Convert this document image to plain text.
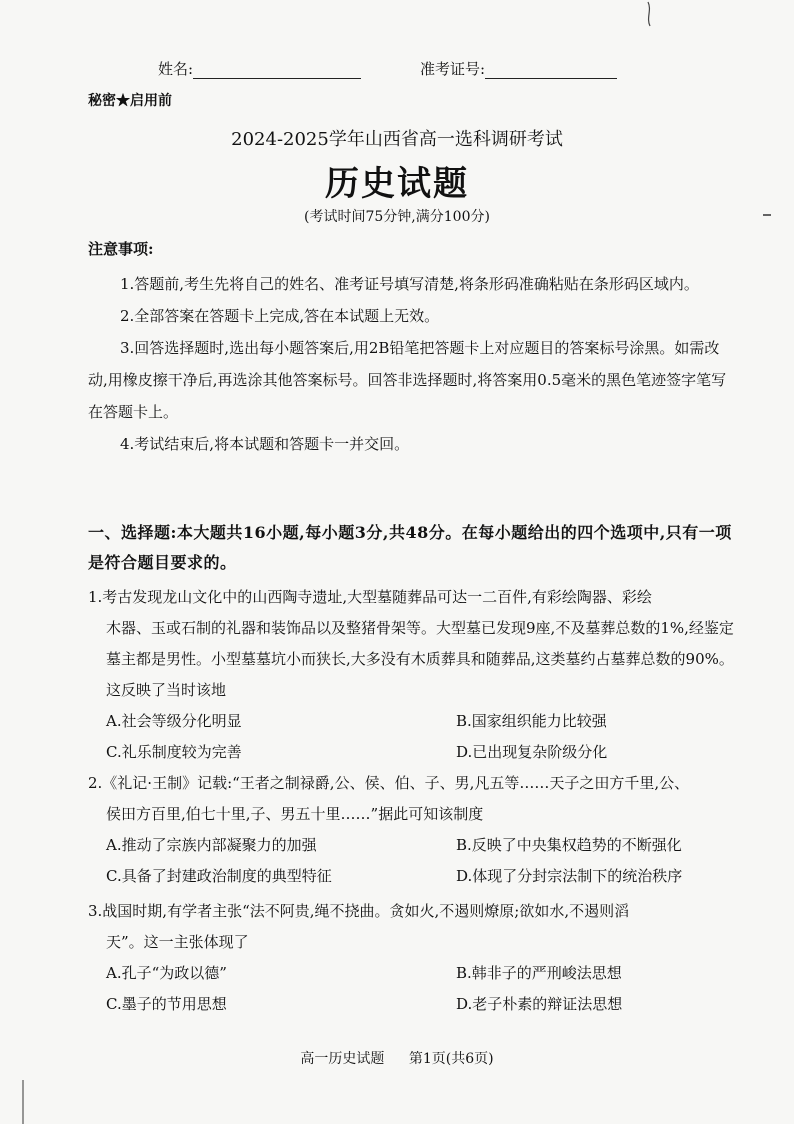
姓名:	准考证号:
秘密★启用前
2024-2025学年山西省高一选科调研考试
历史试题
(考试时间75分钟,满分100分)
注意事项:

1.答题前,考生先将自己的姓名、准考证号填写清楚,将条形码准确粘贴在条形码区域内。

2.全部答案在答题卡上完成,答在本试题上无效。

3.回答选择题时,选出每小题答案后,用2B铅笔把答题卡上对应题目的答案标号涂黑。如需改动,用橡皮擦干净后,再选涂其他答案标号。回答非选择题时,将答案用0.5毫米的黑色笔迹签字笔写在答题卡上。

4.考试结束后,将本试题和答题卡一并交回。

一、选择题:本大题共16小题,每小题3分,共48分。在每小题给出的四个选项中,只有一项是符合题目要求的。

1.考古发现龙山文化中的山西陶寺遗址,大型墓随葬品可达一二百件,有彩绘陶器、彩绘
木器、玉或石制的礼器和装饰品以及整猪骨架等。大型墓已发现9座,不及墓葬总数的1%,经鉴定墓主都是男性。小型墓墓坑小而狭长,大多没有木质葬具和随葬品,这类墓约占墓葬总数的90%。这反映了当时该地

A.社会等级分化明显	B.国家组织能力比较强
C.礼乐制度较为完善	D.已出现复杂阶级分化

2.《礼记·王制》记载:“王者之制禄爵,公、侯、伯、子、男,凡五等……天子之田方千里,公、
侯田方百里,伯七十里,子、男五十里……”据此可知该制度

A.推动了宗族内部凝聚力的加强	B.反映了中央集权趋势的不断强化
C.具备了封建政治制度的典型特征	D.体现了分封宗法制下的统治秩序

3.战国时期,有学者主张“法不阿贵,绳不挠曲。贪如火,不遏则燎原;欲如水,不遏则滔
天”。这一主张体现了

A.孔子“为政以德”	B.韩非子的严刑峻法思想
C.墨子的节用思想	D.老子朴素的辩证法思想
高一历史试题 第1页(共6页)
